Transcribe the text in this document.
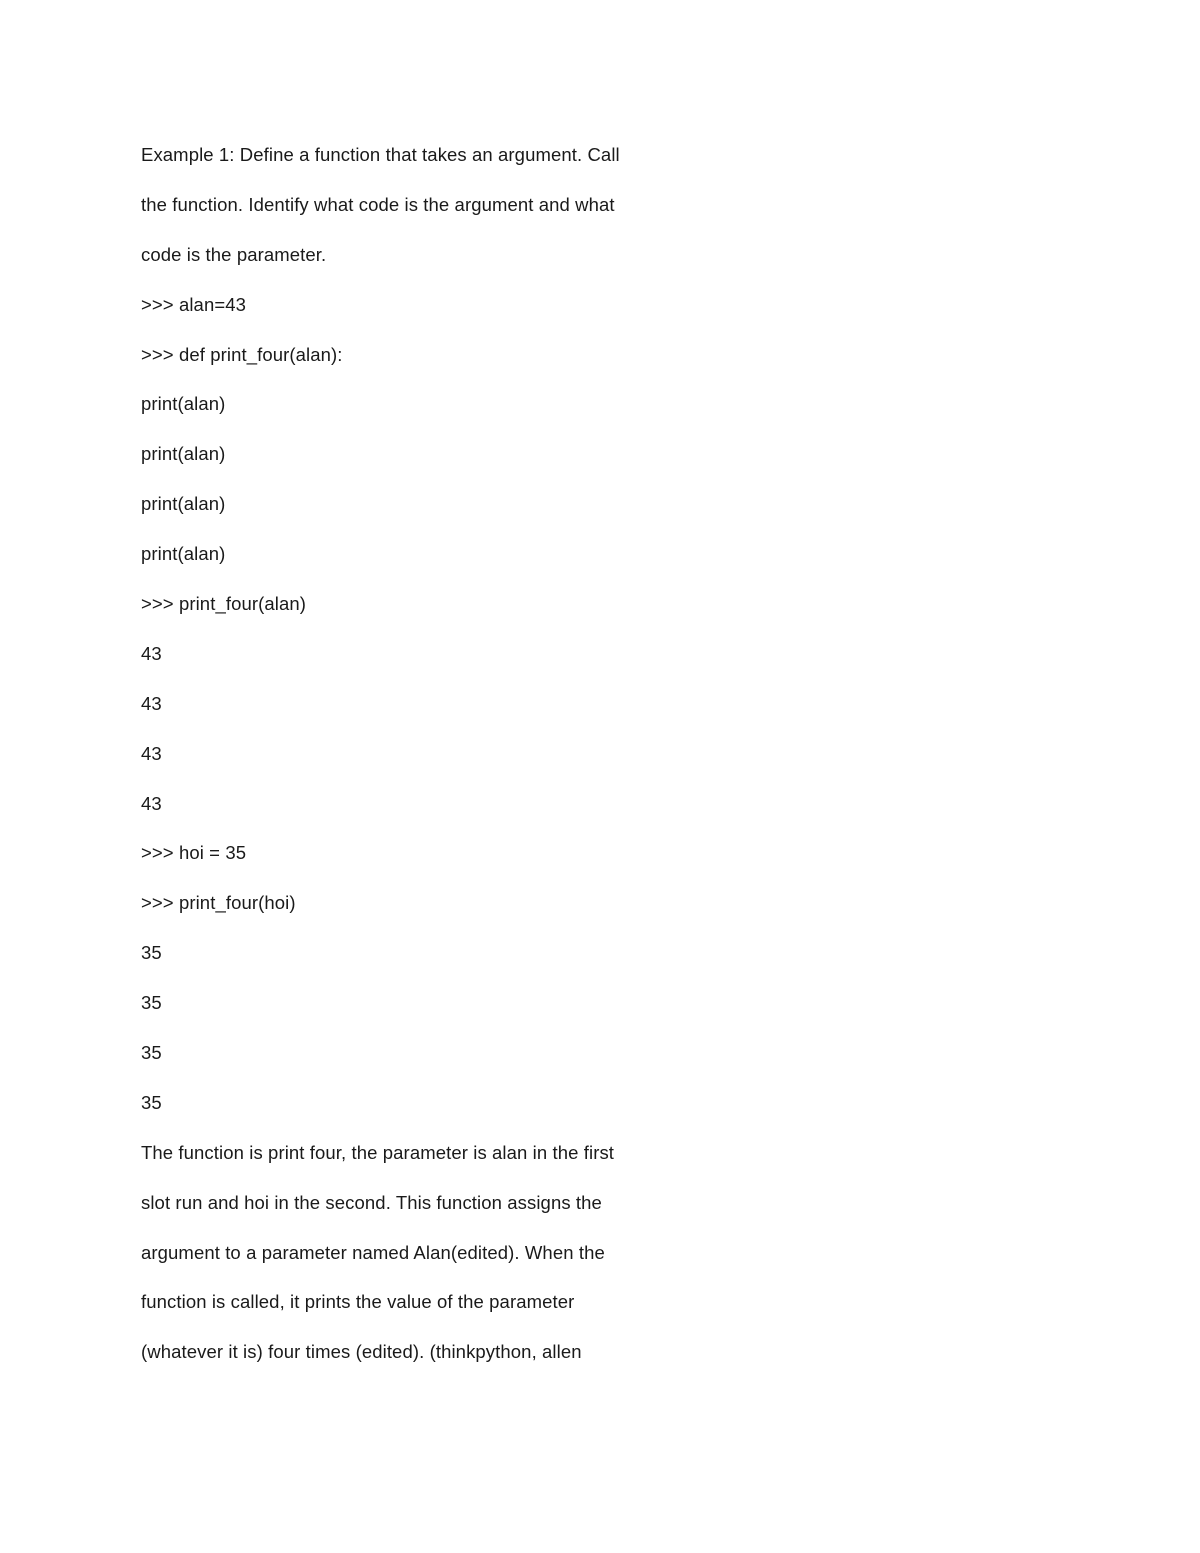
Example 1: Define a function that takes an argument. Call
the function. Identify what code is the argument and what
code is the parameter.
>>> alan=43
>>> def print_four(alan):
print(alan)
print(alan)
print(alan)
print(alan)
>>> print_four(alan)
43
43
43
43
>>> hoi = 35
>>> print_four(hoi)
35
35
35
35
The function is print four, the parameter is alan in the first
slot run and hoi in the second. This function assigns the
argument to a parameter named Alan(edited). When the
function is called, it prints the value of the parameter
(whatever it is) four times (edited). (thinkpython, allen
